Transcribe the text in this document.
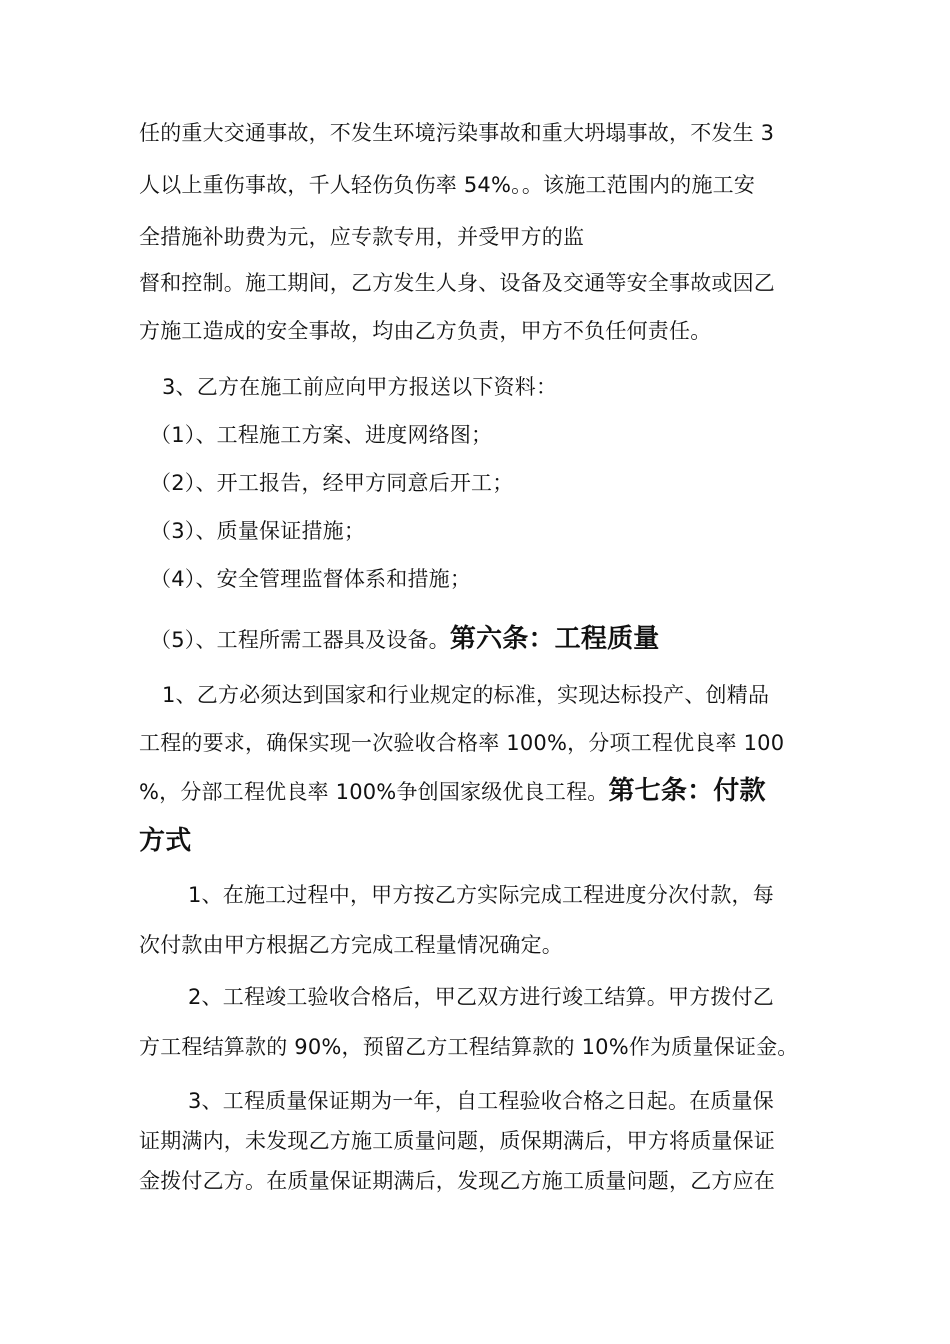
任的重大交通事故，不发生环境污染事故和重大坍塌事故，不发生 3
人以上重伤事故，千人轻伤负伤率 54%。。该施工范围内的施工安
全措施补助费为元，应专款专用，并受甲方的监
督和控制。施工期间，乙方发生人身、设备及交通等安全事故或因乙
方施工造成的安全事故，均由乙方负责，甲方不负任何责任。
3、乙方在施工前应向甲方报送以下资料：
（1）、工程施工方案、进度网络图；
（2）、开工报告，经甲方同意后开工；
（3）、质量保证措施；
（4）、安全管理监督体系和措施；
（5）、工程所需工器具及设备。第六条：工程质量
1、乙方必须达到国家和行业规定的标准，实现达标投产、创精品
工程的要求，确保实现一次验收合格率 100%，分项工程优良率 100
%，分部工程优良率 100%争创国家级优良工程。第七条：付款
方式
1、在施工过程中，甲方按乙方实际完成工程进度分次付款，每
次付款由甲方根据乙方完成工程量情况确定。
2、工程竣工验收合格后，甲乙双方进行竣工结算。甲方拨付乙
方工程结算款的 90%，预留乙方工程结算款的 10%作为质量保证金。
3、工程质量保证期为一年，自工程验收合格之日起。在质量保
证期满内，未发现乙方施工质量问题，质保期满后，甲方将质量保证
金拨付乙方。在质量保证期满后，发现乙方施工质量问题，乙方应在
